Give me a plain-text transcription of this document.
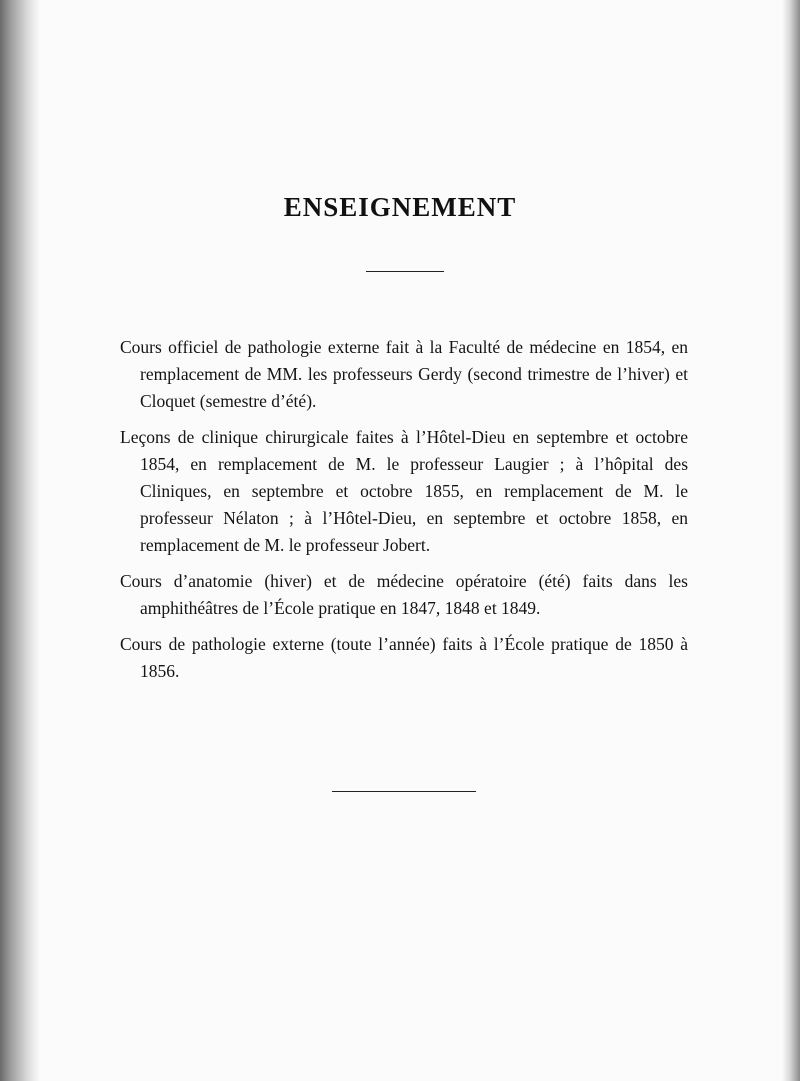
ENSEIGNEMENT

Cours officiel de pathologie externe fait à la Faculté de médecine en 1854, en remplacement de MM. les professeurs Gerdy (second trimestre de l’hiver) et Cloquet (semestre d’été).

Leçons de clinique chirurgicale faites à l’Hôtel-Dieu en septembre et octobre 1854, en remplacement de M. le professeur Laugier ; à l’hôpital des Cliniques, en septembre et octobre 1855, en remplacement de M. le professeur Nélaton ; à l’Hôtel-Dieu, en septembre et octobre 1858, en remplacement de M. le professeur Jobert.

Cours d’anatomie (hiver) et de médecine opératoire (été) faits dans les amphithéâtres de l’École pratique en 1847, 1848 et 1849.

Cours de pathologie externe (toute l’année) faits à l’École pratique de 1850 à 1856.
